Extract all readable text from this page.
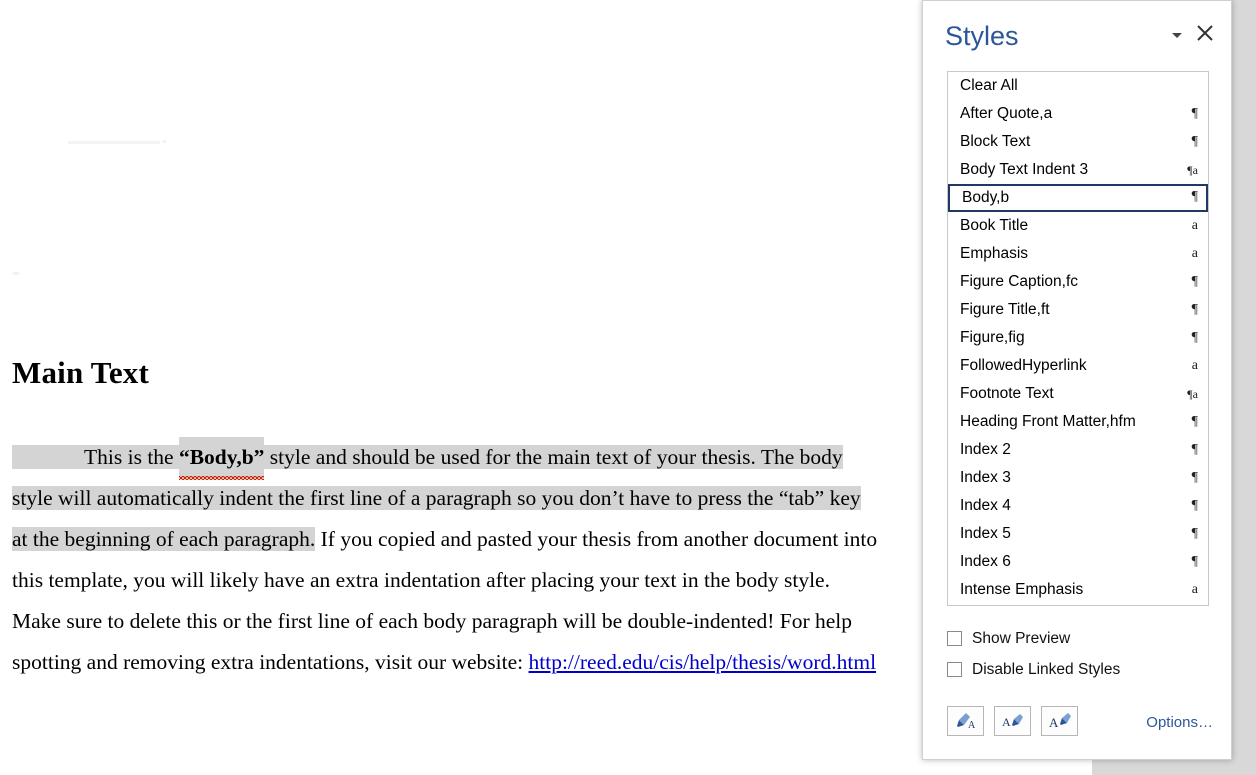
Main Text
This is the “Body,b” style and should be used for the main text of your thesis. The body style will automatically indent the first line of a paragraph so you don’t have to press the “tab” key at the beginning of each paragraph. If you copied and pasted your thesis from another document into this template, you will likely have an extra indentation after placing your text in the body style. Make sure to delete this or the first line of each body paragraph will be double-indented! For help spotting and removing extra indentations, visit our website: http://reed.edu/cis/help/thesis/word.html
Styles
Clear All
After Quote,a	¶
Block Text	¶
Body Text Indent 3	¶a
Body,b	¶
Book Title	a
Emphasis	a
Figure Caption,fc	¶
Figure Title,ft	¶
Figure,fig	¶
FollowedHyperlink	a
Footnote Text	¶a
Heading Front Matter,hfm	¶
Index 2	¶
Index 3	¶
Index 4	¶
Index 5	¶
Index 6	¶
Intense Emphasis	a
Show Preview
Disable Linked Styles
A A	A	Options…
